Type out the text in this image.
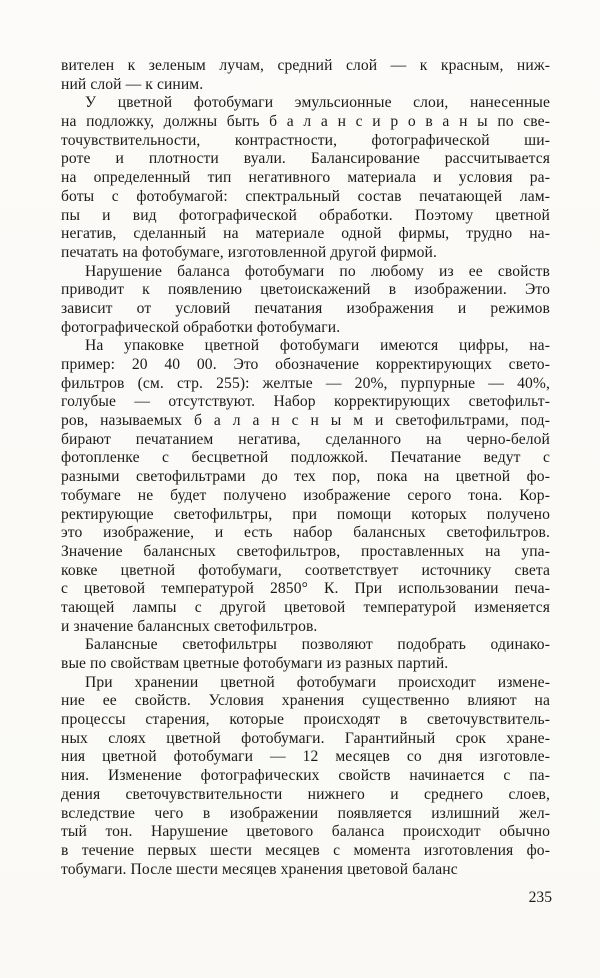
вителен к зеленым лучам, средний слой — к красным, ниж-
ний слой — к синим.
У цветной фотобумаги эмульсионные слои, нанесенные
на подложку, должны быть б а л а н с и р о в а н ы по све-
точувствительности, контрастности, фотографической ши-
роте и плотности вуали. Балансирование рассчитывается
на определенный тип негативного материала и условия ра-
боты с фотобумагой: спектральный состав печатающей лам-
пы и вид фотографической обработки. Поэтому цветной
негатив, сделанный на материале одной фирмы, трудно на-
печатать на фотобумаге, изготовленной другой фирмой.
Нарушение баланса фотобумаги по любому из ее свойств
приводит к появлению цветоискажений в изображении. Это
зависит от условий печатания изображения и режимов
фотографической обработки фотобумаги.
На упаковке цветной фотобумаги имеются цифры, на-
пример: 20 40 00. Это обозначение корректирующих свето-
фильтров (см. стр. 255): желтые — 20%, пурпурные — 40%,
голубые — отсутствуют. Набор корректирующих светофильт-
ров, называемых б а л а н с н ы м и светофильтрами, под-
бирают печатанием негатива, сделанного на черно-белой
фотопленке с бесцветной подложкой. Печатание ведут с
разными светофильтрами до тех пор, пока на цветной фо-
тобумаге не будет получено изображение серого тона. Кор-
ректирующие светофильтры, при помощи которых получено
это изображение, и есть набор балансных светофильтров.
Значение балансных светофильтров, проставленных на упа-
ковке цветной фотобумаги, соответствует источнику света
с цветовой температурой 2850° К. При использовании печа-
тающей лампы с другой цветовой температурой изменяется
и значение балансных светофильтров.
Балансные светофильтры позволяют подобрать одинако-
вые по свойствам цветные фотобумаги из разных партий.
При хранении цветной фотобумаги происходит измене-
ние ее свойств. Условия хранения существенно влияют на
процессы старения, которые происходят в светочувствитель-
ных слоях цветной фотобумаги. Гарантийный срок хране-
ния цветной фотобумаги — 12 месяцев со дня изготовле-
ния. Изменение фотографических свойств начинается с па-
дения светочувствительности нижнего и среднего слоев,
вследствие чего в изображении появляется излишний жел-
тый тон. Нарушение цветового баланса происходит обычно
в течение первых шести месяцев с момента изготовления фо-
тобумаги. После шести месяцев хранения цветовой баланс
235
